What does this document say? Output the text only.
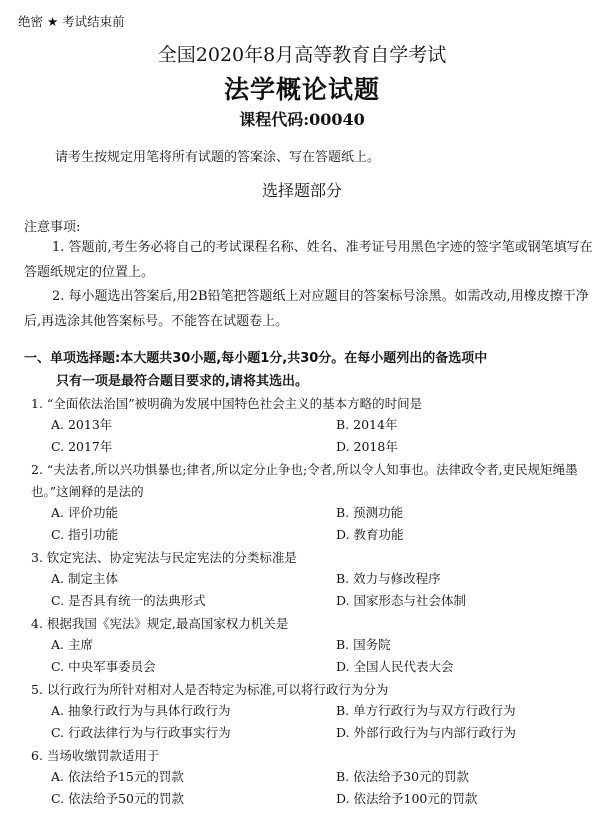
绝密 ★ 考试结束前
全国2020年8月高等教育自学考试
法学概论试题
课程代码:00040
请考生按规定用笔将所有试题的答案涂、写在答题纸上。
选择题部分
注意事项:
1. 答题前,考生务必将自己的考试课程名称、姓名、准考证号用黑色字迹的签字笔或钢笔填写在答题纸规定的位置上。
2. 每小题选出答案后,用2B铅笔把答题纸上对应题目的答案标号涂黑。如需改动,用橡皮擦干净后,再选涂其他答案标号。不能答在试题卷上。
一、单项选择题:本大题共30小题,每小题1分,共30分。在每小题列出的备选项中
只有一项是最符合题目要求的,请将其选出。
1. “全面依法治国”被明确为发展中国特色社会主义的基本方略的时间是
A. 2013年	B. 2014年
C. 2017年	D. 2018年
2. “夫法者,所以兴功惧暴也;律者,所以定分止争也;令者,所以令人知事也。法律政令者,吏民规矩绳墨也。”这阐释的是法的
A. 评价功能	B. 预测功能
C. 指引功能	D. 教育功能
3. 钦定宪法、协定宪法与民定宪法的分类标准是
A. 制定主体	B. 效力与修改程序
C. 是否具有统一的法典形式	D. 国家形态与社会体制
4. 根据我国《宪法》规定,最高国家权力机关是
A. 主席	B. 国务院
C. 中央军事委员会	D. 全国人民代表大会
5. 以行政行为所针对相对人是否特定为标准,可以将行政行为分为
A. 抽象行政行为与具体行政行为	B. 单方行政行为与双方行政行为
C. 行政法律行为与行政事实行为	D. 外部行政行为与内部行政行为
6. 当场收缴罚款适用于
A. 依法给予15元的罚款	B. 依法给予30元的罚款
C. 依法给予50元的罚款	D. 依法给予100元的罚款
